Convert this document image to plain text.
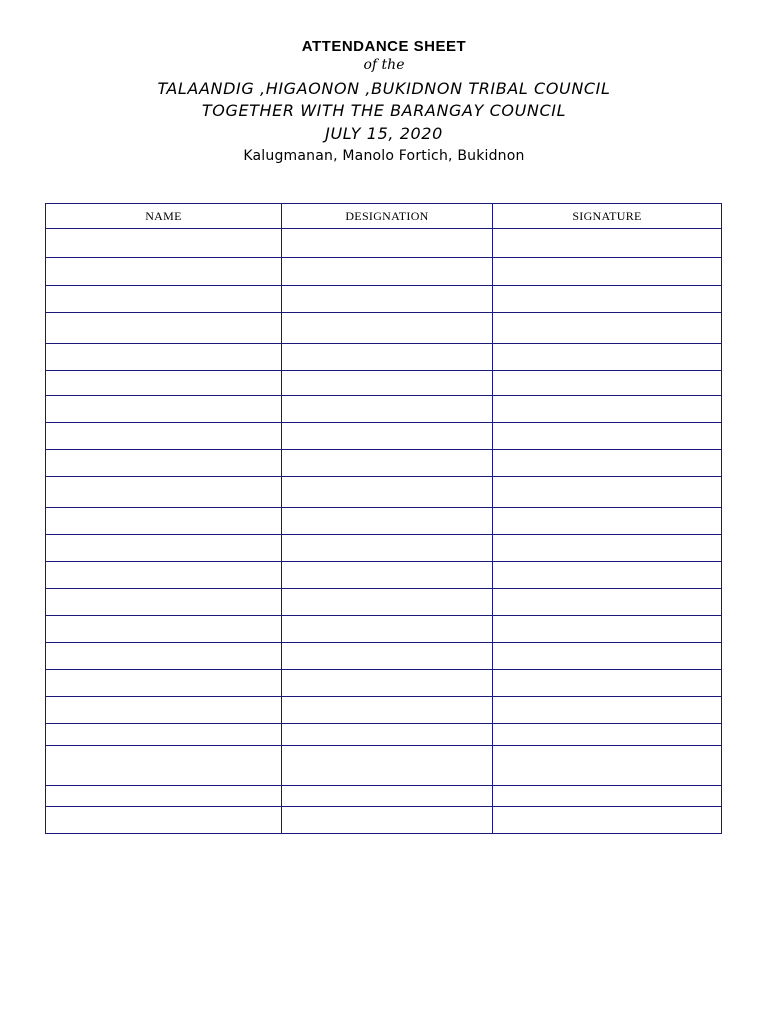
ATTENDANCE SHEET
of the
TALAANDIG ,HIGAONON ,BUKIDNON TRIBAL COUNCIL
TOGETHER WITH THE BARANGAY COUNCIL
JULY 15, 2020
Kalugmanan, Manolo Fortich, Bukidnon
NAME	DESIGNATION	SIGNATURE
